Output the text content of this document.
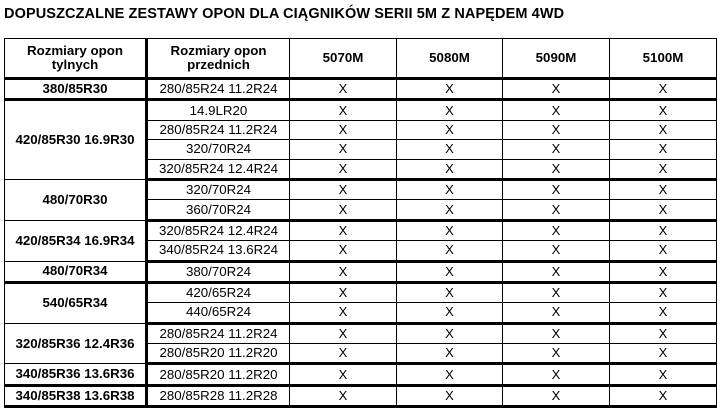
DOPUSZCZALNE ZESTAWY OPON DLA CIĄGNIKÓW SERII 5M Z NAPĘDEM 4WD
Rozmiary opon
tylnych	Rozmiary opon
przednich	5070M	5080M	5090M	5100M
380/85R30	280/85R24 11.2R24	X	X	X	X
420/85R30 16.9R30	14.9LR20	X	X	X	X
	280/85R24 11.2R24	X	X	X	X
	320/70R24	X	X	X	X
	320/85R24 12.4R24	X	X	X	X
480/70R30	320/70R24	X	X	X	X
	360/70R24	X	X	X	X
420/85R34 16.9R34	320/85R24 12.4R24	X	X	X	X
	340/85R24 13.6R24	X	X	X	X
480/70R34	380/70R24	X	X	X	X
540/65R34	420/65R24	X	X	X	X
	440/65R24	X	X	X	X
320/85R36 12.4R36	280/85R24 11.2R24	X	X	X	X
	280/85R20 11.2R20	X	X	X	X
340/85R36 13.6R36	280/85R20 11.2R20	X	X	X	X
340/85R38 13.6R38	280/85R28 11.2R28	X	X	X	X
